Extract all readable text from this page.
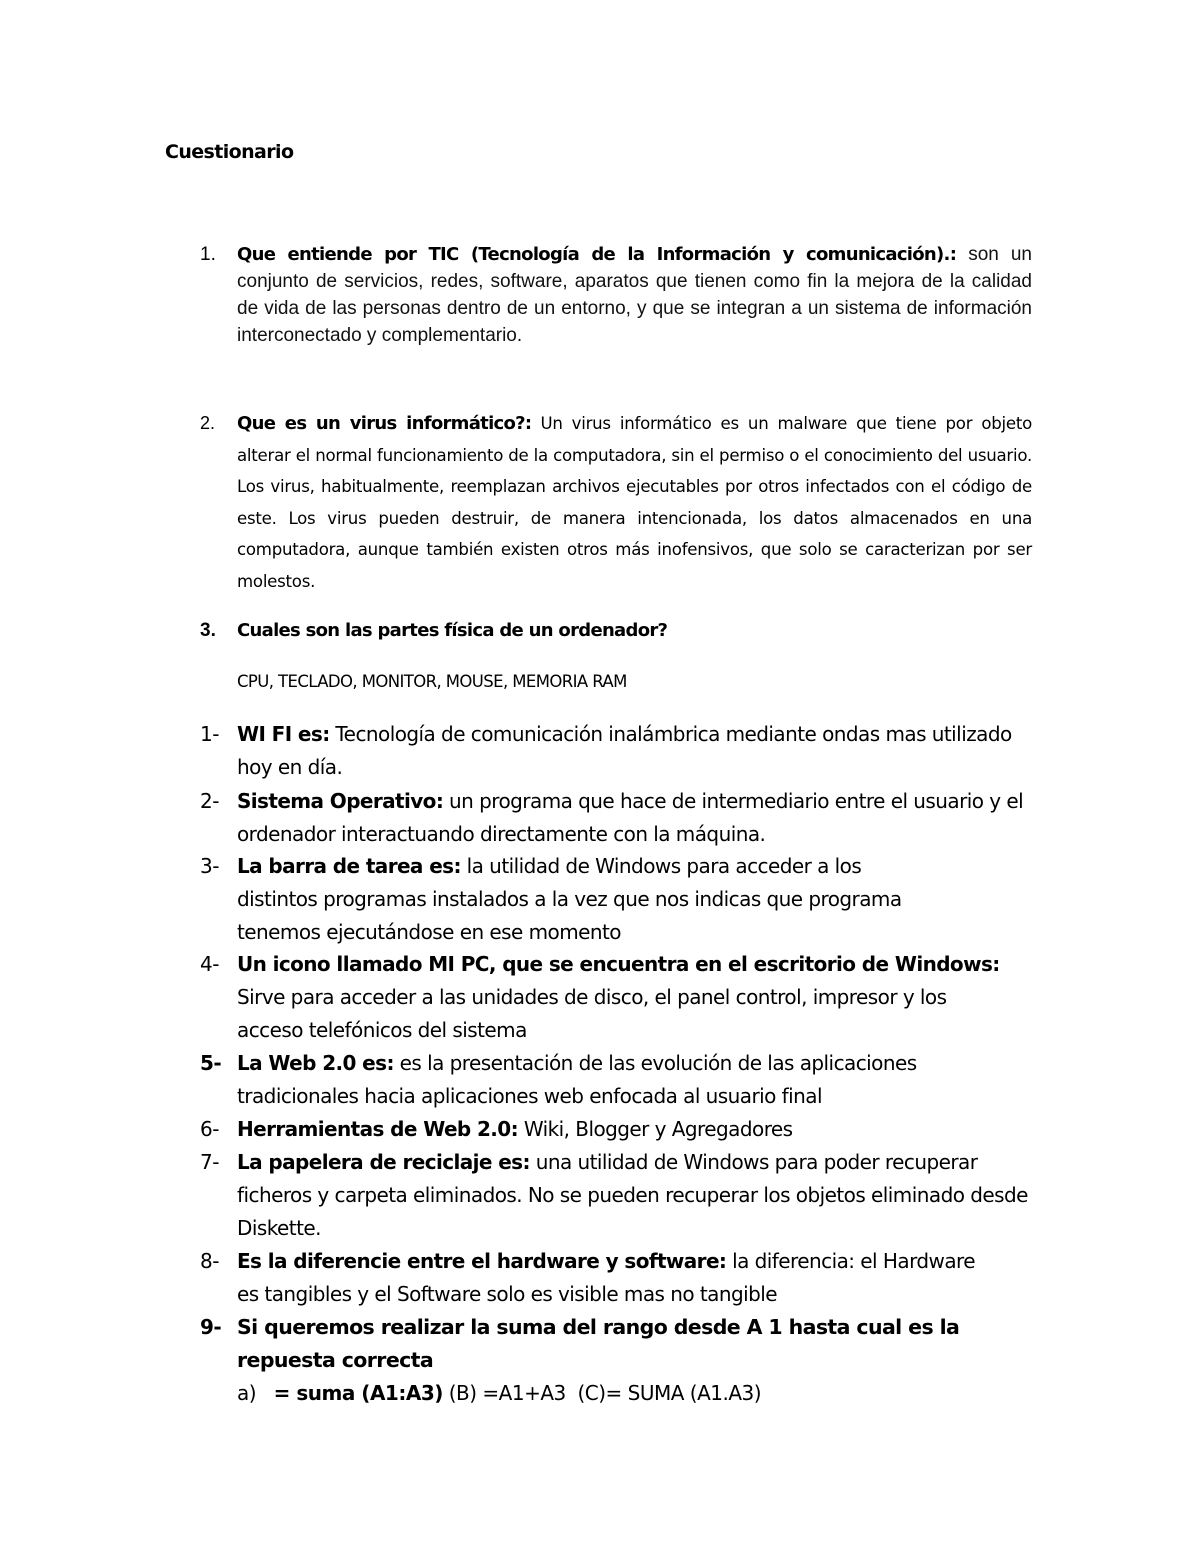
Cuestionario
1. Que entiende por TIC (Tecnología de la Información y comunicación).: son un conjunto de servicios, redes, software, aparatos que tienen como fin la mejora de la calidad de vida de las personas dentro de un entorno, y que se integran a un sistema de información interconectado y complementario.
2. Que es un virus informático?: Un virus informático es un malware que tiene por objeto alterar el normal funcionamiento de la computadora, sin el permiso o el conocimiento del usuario. Los virus, habitualmente, reemplazan archivos ejecutables por otros infectados con el código de este. Los virus pueden destruir, de manera intencionada, los datos almacenados en una computadora, aunque también existen otros más inofensivos, que solo se caracterizan por ser molestos.
3. Cuales son las partes física de un ordenador?
CPU, TECLADO, MONITOR, MOUSE, MEMORIA RAM
1- WI FI es: Tecnología de comunicación inalámbrica mediante ondas mas utilizado hoy en día.
2- Sistema Operativo: un programa que hace de intermediario entre el usuario y el ordenador interactuando directamente con la máquina.
3- La barra de tarea es: la utilidad de Windows para acceder a los distintos programas instalados a la vez que nos indicas que programa tenemos ejecutándose en ese momento
4- Un icono llamado MI PC, que se encuentra en el escritorio de Windows: Sirve para acceder a las unidades de disco, el panel control, impresor y los acceso telefónicos del sistema
5- La Web 2.0 es: es la presentación de las evolución de las aplicaciones tradicionales hacia aplicaciones web enfocada al usuario final
6- Herramientas de Web 2.0: Wiki, Blogger y Agregadores
7- La papelera de reciclaje es: una utilidad de Windows para poder recuperar ficheros y carpeta eliminados. No se pueden recuperar los objetos eliminado desde Diskette.
8- Es la diferencie entre el hardware y software: la diferencia: el Hardware es tangibles y el Software solo es visible mas no tangible
9- Si queremos realizar la suma del rango desde A 1 hasta cual es la repuesta correcta
a) = suma (A1:A3) (B) =A1+A3  (C)= SUMA (A1.A3)
